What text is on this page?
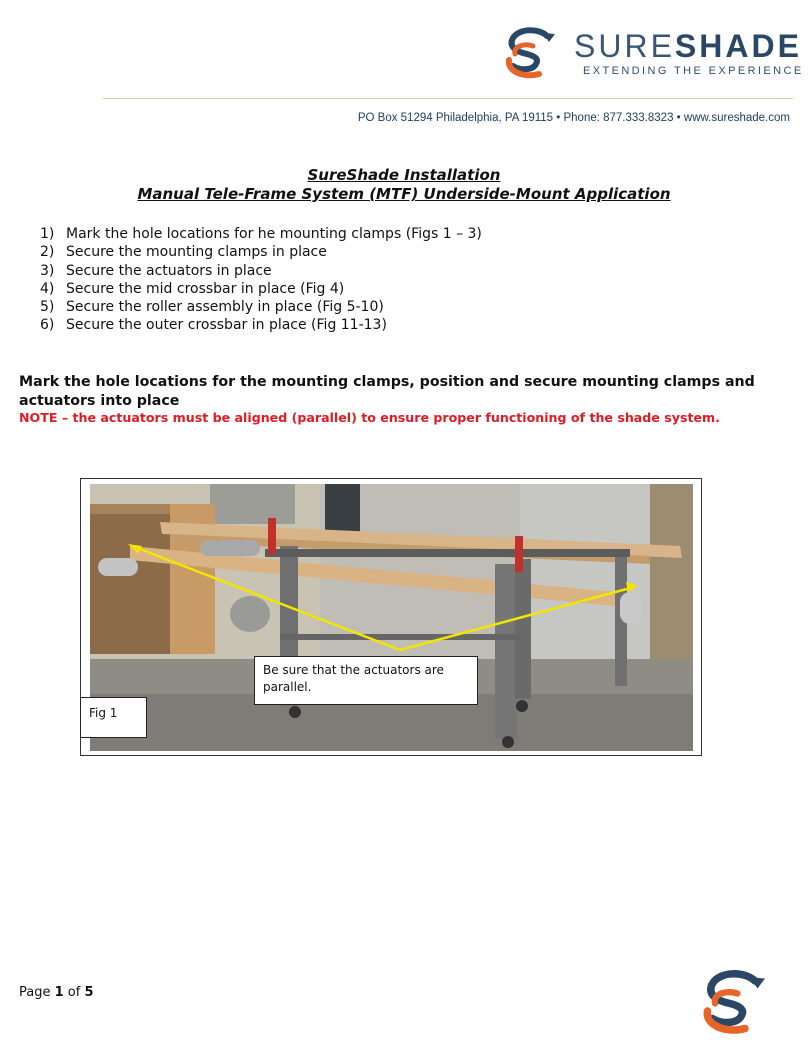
SURESHADE
EXTENDING THE EXPERIENCE
PO Box 51294 Philadelphia, PA 19115 • Phone: 877.333.8323 • www.sureshade.com
SureShade Installation
Manual Tele-Frame System (MTF) Underside-Mount Application
1) Mark the hole locations for he mounting clamps (Figs 1 – 3)
2) Secure the mounting clamps in place
3) Secure the actuators in place
4) Secure the mid crossbar in place (Fig 4)
5) Secure the roller assembly in place (Fig 5-10)
6) Secure the outer crossbar in place (Fig 11-13)
Mark the hole locations for the mounting clamps, position and secure mounting clamps and actuators into place
NOTE – the actuators must be aligned (parallel) to ensure proper functioning of the shade system.
Be sure that the actuators are parallel.
Fig 1
Page 1 of 5
